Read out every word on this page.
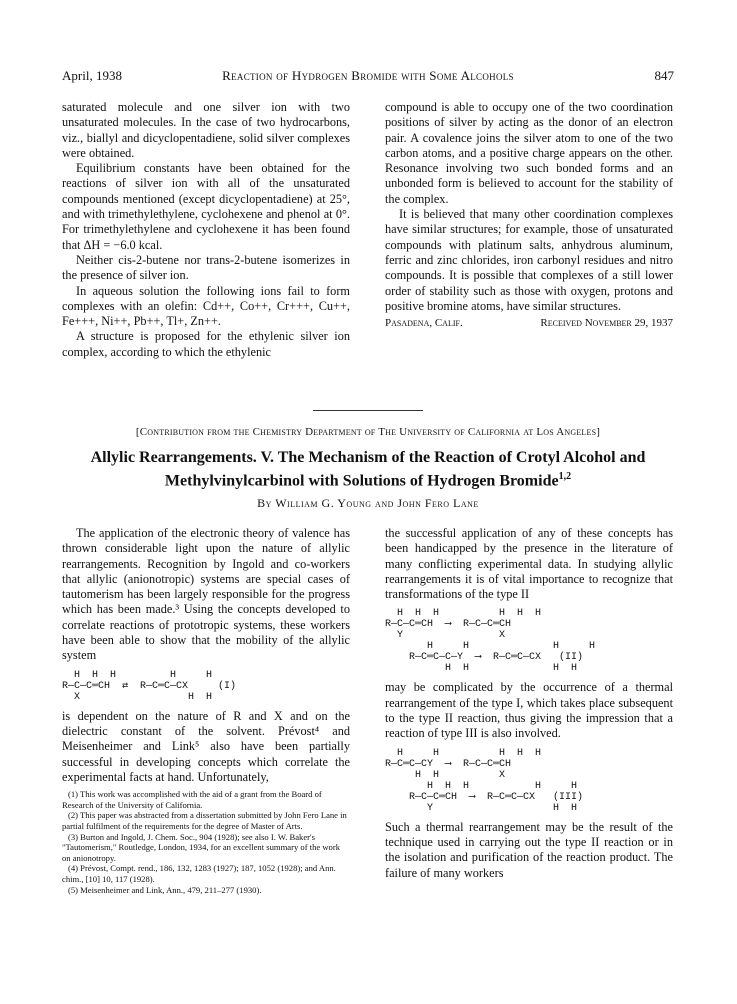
April, 1938	Reaction of Hydrogen Bromide with Some Alcohols	847

saturated molecule and one silver ion with two unsaturated molecules. In the case of two hydrocarbons, viz., biallyl and dicyclopentadiene, solid silver complexes were obtained.

Equilibrium constants have been obtained for the reactions of silver ion with all of the unsaturated compounds mentioned (except dicyclopentadiene) at 25°, and with trimethylethylene, cyclohexene and phenol at 0°. For trimethylethylene and cyclohexene it has been found that ΔH = −6.0 kcal.

Neither cis-2-butene nor trans-2-butene isomerizes in the presence of silver ion.

In aqueous solution the following ions fail to form complexes with an olefin: Cd++, Co++, Cr+++, Cu++, Fe+++, Ni++, Pb++, Tl+, Zn++.

A structure is proposed for the ethylenic silver ion complex, according to which the ethylenic

compound is able to occupy one of the two coordination positions of silver by acting as the donor of an electron pair. A covalence joins the silver atom to one of the two carbon atoms, and a positive charge appears on the other. Resonance involving two such bonded forms and an unbonded form is believed to account for the stability of the complex.

It is believed that many other coordination complexes have similar structures; for example, those of unsaturated compounds with platinum salts, anhydrous aluminum, ferric and zinc chlorides, iron carbonyl residues and nitro compounds. It is possible that complexes of a still lower order of stability such as those with oxygen, protons and positive bromine atoms, have similar structures.

Pasadena, Calif.	Received November 29, 1937
[Contribution from the Chemistry Department of The University of California at Los Angeles]
Allylic Rearrangements. V. The Mechanism of the Reaction of Crotyl Alcohol and
Methylvinylcarbinol with Solutions of Hydrogen Bromide$^{1,2}$
By William G. Young and John Fero Lane

The application of the electronic theory of valence has thrown considerable light upon the nature of allylic rearrangements. Recognition by Ingold and co-workers that allylic (anionotropic) systems are special cases of tautomerism has been largely responsible for the progress which has been made.³ Using the concepts developed to correlate reactions of prototropic systems, these workers have been able to show that the mobility of the allylic system

H  H  H         H     H
R—C—C═CH  ⇄  R—C═C—CX     (I)
X                  H  H

is dependent on the nature of R and X and on the dielectric constant of the solvent. Prévost⁴ and Meisenheimer and Link⁵ also have been partially successful in developing concepts which correlate the experimental facts at hand. Unfortunately,

(1) This work was accomplished with the aid of a grant from the Board of Research of the University of California.
(2) This paper was abstracted from a dissertation submitted by John Fero Lane in partial fulfilment of the requirements for the degree of Master of Arts.
(3) Burton and Ingold, J. Chem. Soc., 904 (1928); see also I. W. Baker's "Tautomerism," Routledge, London, 1934, for an excellent summary of the work on anionotropy.
(4) Prévost, Compt. rend., 186, 132, 1283 (1927); 187, 1052 (1928); and Ann. chim., [10] 10, 117 (1928).
(5) Meisenheimer and Link, Ann., 479, 211–277 (1930).

the successful application of any of these concepts has been handicapped by the presence in the literature of many conflicting experimental data. In studying allylic rearrangements it is of vital importance to recognize that transformations of the type II

H  H  H          H  H  H
R—C—C═CH  ⟶  R—C—C═CH
Y                X
H     H              H     H
R—C═C—C—Y  ⟶  R—C═C—CX   (II)
H  H              H  H

may be complicated by the occurrence of a thermal rearrangement of the type I, which takes place subsequent to the type II reaction, thus giving the impression that a reaction of type III is also involved.

H     H          H  H  H
R—C═C—CY  ⟶  R—C—C═CH
H  H          X
H  H  H           H     H
R—C—C═CH  ⟶  R—C═C—CX   (III)
Y                    H  H

Such a thermal rearrangement may be the result of the technique used in carrying out the type II reaction or in the isolation and purification of the reaction product. The failure of many workers
